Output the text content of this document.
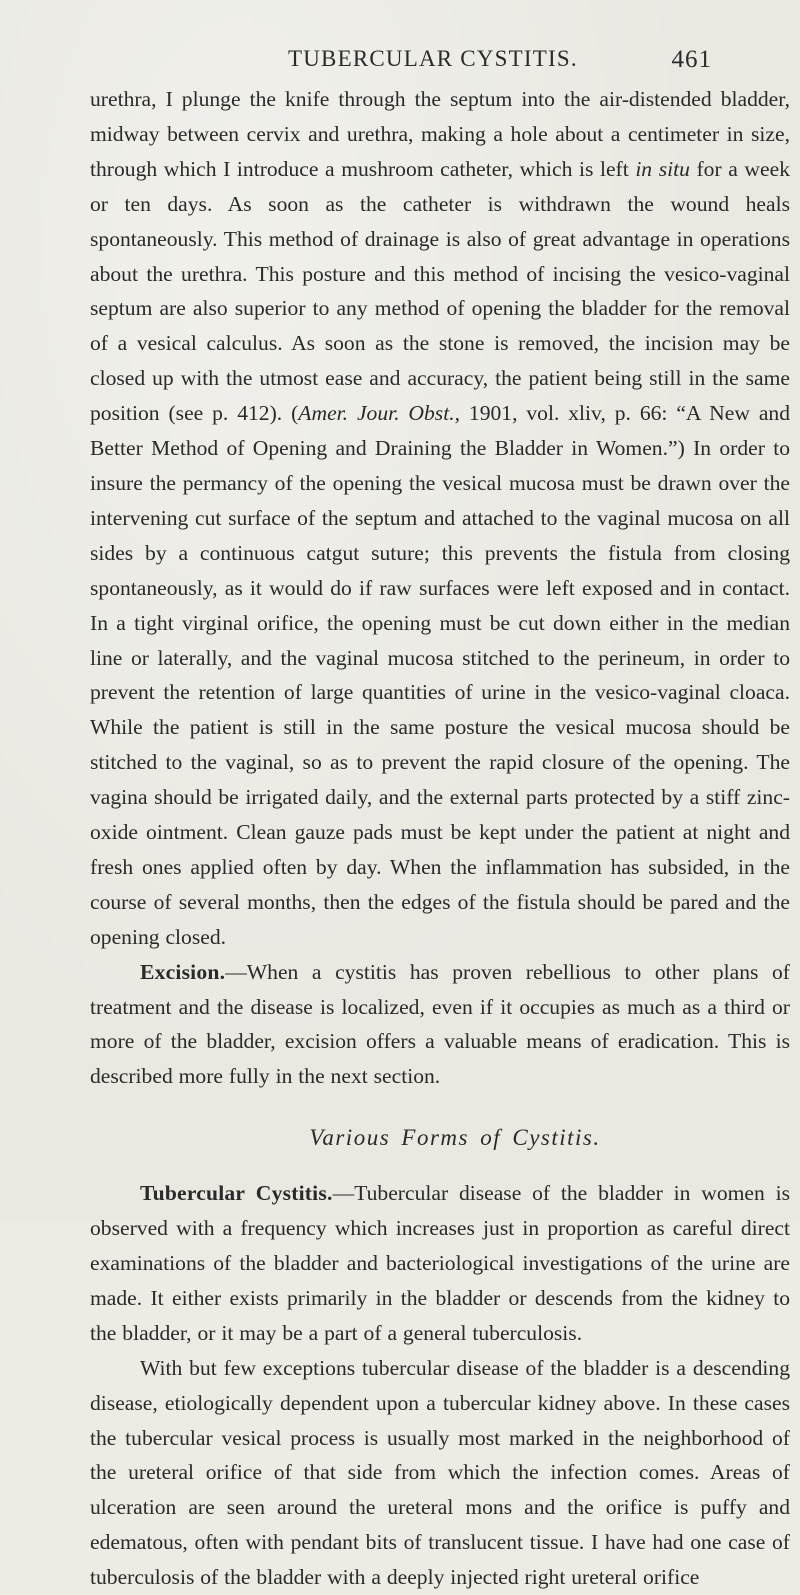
TUBERCULAR CYSTITIS.	461

urethra, I plunge the knife through the septum into the air-distended bladder, midway between cervix and urethra, making a hole about a centimeter in size, through which I introduce a mushroom catheter, which is left in situ for a week or ten days. As soon as the catheter is withdrawn the wound heals spontaneously. This method of drainage is also of great advantage in operations about the urethra. This posture and this method of incising the vesico-vaginal septum are also superior to any method of opening the bladder for the removal of a vesical calculus. As soon as the stone is removed, the incision may be closed up with the utmost ease and accuracy, the patient being still in the same position (see p. 412). (Amer. Jour. Obst., 1901, vol. xliv, p. 66: “A New and Better Method of Opening and Draining the Bladder in Women.”) In order to insure the permancy of the opening the vesical mucosa must be drawn over the intervening cut surface of the septum and attached to the vaginal mucosa on all sides by a continuous catgut suture; this prevents the fistula from closing spontaneously, as it would do if raw surfaces were left exposed and in contact. In a tight virginal orifice, the opening must be cut down either in the median line or laterally, and the vaginal mucosa stitched to the perineum, in order to prevent the retention of large quantities of urine in the vesico-vaginal cloaca. While the patient is still in the same posture the vesical mucosa should be stitched to the vaginal, so as to prevent the rapid closure of the opening. The vagina should be irrigated daily, and the external parts protected by a stiff zinc-oxide ointment. Clean gauze pads must be kept under the patient at night and fresh ones applied often by day. When the inflammation has subsided, in the course of several months, then the edges of the fistula should be pared and the opening closed.

Excision.—When a cystitis has proven rebellious to other plans of treatment and the disease is localized, even if it occupies as much as a third or more of the bladder, excision offers a valuable means of eradication. This is described more fully in the next section.

Various Forms of Cystitis.

Tubercular Cystitis.—Tubercular disease of the bladder in women is observed with a frequency which increases just in proportion as careful direct examinations of the bladder and bacteriological investigations of the urine are made. It either exists primarily in the bladder or descends from the kidney to the bladder, or it may be a part of a general tuberculosis.

With but few exceptions tubercular disease of the bladder is a descending disease, etiologically dependent upon a tubercular kidney above. In these cases the tubercular vesical process is usually most marked in the neighborhood of the ureteral orifice of that side from which the infection comes. Areas of ulceration are seen around the ureteral mons and the orifice is puffy and edematous, often with pendant bits of translucent tissue. I have had one case of tuberculosis of the bladder with a deeply injected right ureteral orifice
